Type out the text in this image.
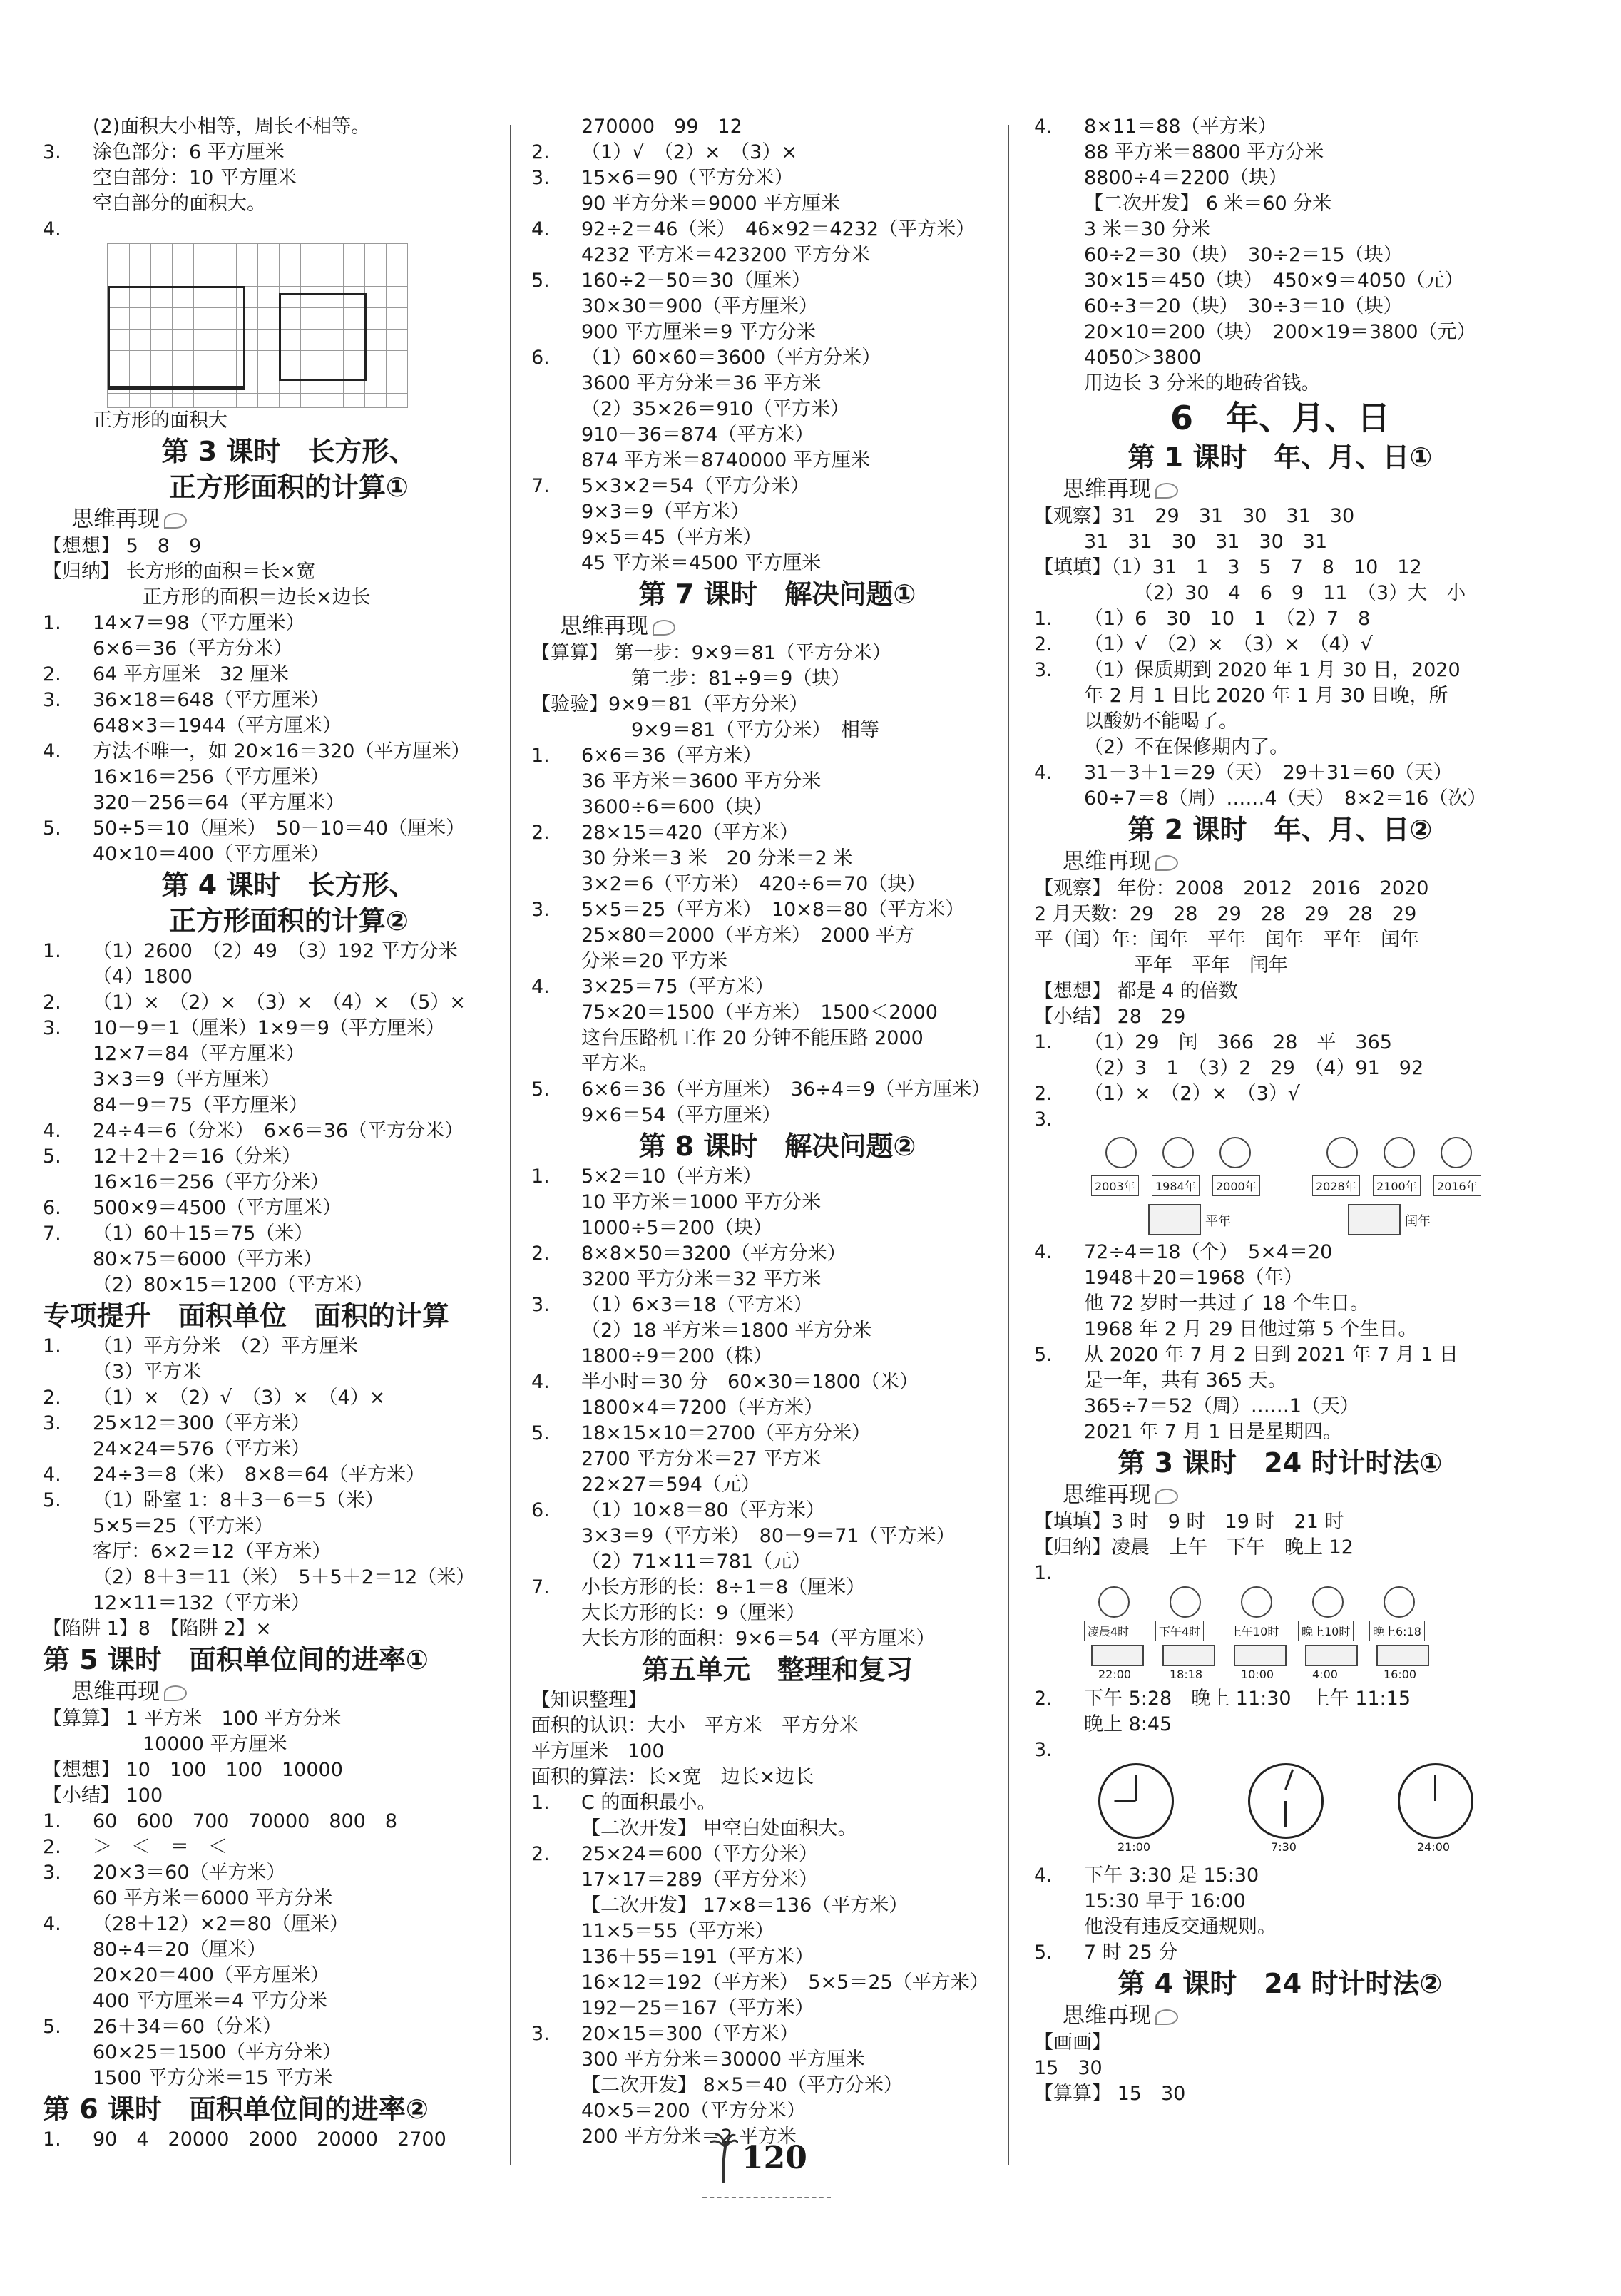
(2)面积大小相等，周长不相等。
3. 涂色部分：6 平方厘米
空白部分：10 平方厘米
空白部分的面积大。
4.
正方形的面积大
第 3 课时　长方形、
正方形面积的计算①
思维再现
【想想】 5　8　9
【归纳】 长方形的面积＝长×宽
正方形的面积＝边长×边长
1. 14×7＝98（平方厘米）
6×6＝36（平方分米）
2. 64 平方厘米　32 厘米
3. 36×18＝648（平方厘米）
648×3＝1944（平方厘米）
4. 方法不唯一，如 20×16＝320（平方厘米）
16×16＝256（平方厘米）
320－256＝64（平方厘米）
5. 50÷5＝10（厘米）　50－10＝40（厘米）
40×10＝400（平方厘米）
第 4 课时　长方形、
正方形面积的计算②
1. （1）2600　（2）49　（3）192 平方分米
（4）1800
2. （1）×　（2）×　（3）×　（4）×　（5）×
3. 10－9＝1（厘米）1×9＝9（平方厘米）
12×7＝84（平方厘米）
3×3＝9（平方厘米）
84－9＝75（平方厘米）
4. 24÷4＝6（分米）　6×6＝36（平方分米）
5. 12＋2＋2＝16（分米）
16×16＝256（平方分米）
6. 500×9＝4500（平方厘米）
7. （1）60＋15＝75（米）
80×75＝6000（平方米）
（2）80×15＝1200（平方米）
专项提升　面积单位　面积的计算
1. （1）平方分米　（2）平方厘米
（3）平方米
2. （1）×　（2）√　（3）×　（4）×
3. 25×12＝300（平方米）
24×24＝576（平方米）
4. 24÷3＝8（米）　8×8＝64（平方米）
5. （1）卧室 1：8＋3－6＝5（米）
5×5＝25（平方米）
客厅：6×2＝12（平方米）
（2）8＋3＝11（米）　5＋5＋2＝12（米）
12×11＝132（平方米）
【陷阱 1】8　【陷阱 2】×
第 5 课时　面积单位间的进率①
思维再现
【算算】 1 平方米　100 平方分米
10000 平方厘米
【想想】 10　100　100　10000
【小结】 100
1. 60　600　700　70000　800　8
2. ＞　＜　＝　＜
3. 20×3＝60（平方米）
60 平方米＝6000 平方分米
4. （28＋12）×2＝80（厘米）
80÷4＝20（厘米）
20×20＝400（平方厘米）
400 平方厘米＝4 平方分米
5. 26＋34＝60（分米）
60×25＝1500（平方分米）
1500 平方分米＝15 平方米
第 6 课时　面积单位间的进率②
1. 90　4　20000　2000　20000　2700
270000　99　12
2. （1）√　（2）×　（3）×
3. 15×6＝90（平方分米）
90 平方分米＝9000 平方厘米
4. 92÷2＝46（米）　46×92＝4232（平方米）
4232 平方米＝423200 平方分米
5. 160÷2－50＝30（厘米）
30×30＝900（平方厘米）
900 平方厘米＝9 平方分米
6. （1）60×60＝3600（平方分米）
3600 平方分米＝36 平方米
（2）35×26＝910（平方米）
910－36＝874（平方米）
874 平方米＝8740000 平方厘米
7. 5×3×2＝54（平方分米）
9×3＝9（平方米）
9×5＝45（平方米）
45 平方米＝4500 平方厘米
第 7 课时　解决问题①
思维再现
【算算】 第一步：9×9＝81（平方分米）
第二步：81÷9＝9（块）
【验验】9×9＝81（平方分米）
9×9＝81（平方分米）　相等
1. 6×6＝36（平方米）
36 平方米＝3600 平方分米
3600÷6＝600（块）
2. 28×15＝420（平方米）
30 分米＝3 米　20 分米＝2 米
3×2＝6（平方米）　420÷6＝70（块）
3. 5×5＝25（平方米）　10×8＝80（平方米）
25×80＝2000（平方米）　2000 平方
分米＝20 平方米
4. 3×25＝75（平方米）
75×20＝1500（平方米）　1500＜2000
这台压路机工作 20 分钟不能压路 2000
平方米。
5. 6×6＝36（平方厘米）　36÷4＝9（平方厘米）
9×6＝54（平方厘米）
第 8 课时　解决问题②
1. 5×2＝10（平方米）
10 平方米＝1000 平方分米
1000÷5＝200（块）
2. 8×8×50＝3200（平方分米）
3200 平方分米＝32 平方米
3. （1）6×3＝18（平方米）
（2）18 平方米＝1800 平方分米
1800÷9＝200（株）
4. 半小时＝30 分　60×30＝1800（米）
1800×4＝7200（平方米）
5. 18×15×10＝2700（平方分米）
2700 平方分米＝27 平方米
22×27＝594（元）
6. （1）10×8＝80（平方米）
3×3＝9（平方米）　80－9＝71（平方米）
（2）71×11＝781（元）
7. 小长方形的长：8÷1＝8（厘米）
大长方形的长：9（厘米）
大长方形的面积：9×6＝54（平方厘米）
第五单元　整理和复习
【知识整理】
面积的认识：大小　平方米　平方分米
平方厘米　100
面积的算法：长×宽　边长×边长
1. C 的面积最小。
【二次开发】 甲空白处面积大。
2. 25×24＝600（平方分米）
17×17＝289（平方分米）
【二次开发】 17×8＝136（平方米）
11×5＝55（平方米）
136＋55＝191（平方米）
16×12＝192（平方米）　5×5＝25（平方米）
192－25＝167（平方米）
3. 20×15＝300（平方米）
300 平方分米＝30000 平方厘米
【二次开发】 8×5＝40（平方分米）
40×5＝200（平方分米）
200 平方分米＝2 平方米
4. 8×11＝88（平方米）
88 平方米＝8800 平方分米
8800÷4＝2200（块）
【二次开发】 6 米＝60 分米
3 米＝30 分米
60÷2＝30（块）　30÷2＝15（块）
30×15＝450（块）　450×9＝4050（元）
60÷3＝20（块）　30÷3＝10（块）
20×10＝200（块）　200×19＝3800（元）
4050＞3800
用边长 3 分米的地砖省钱。
6　年、月、日
第 1 课时　年、月、日①
思维再现
【观察】31　29　31　30　31　30
31　31　30　31　30　31
【填填】（1）31　1　3　5　7　8　10　12
（2）30　4　6　9　11　（3）大　小
1. （1）6　30　10　1　（2）7　8
2. （1）√　（2）×　（3）×　（4）√
3. （1）保质期到 2020 年 1 月 30 日，2020
年 2 月 1 日比 2020 年 1 月 30 日晚，所
以酸奶不能喝了。
（2）不在保修期内了。
4. 31－3＋1＝29（天）　29＋31＝60（天）
60÷7＝8（周）……4（天）　8×2＝16（次）
第 2 课时　年、月、日②
思维再现
【观察】 年份：2008　2012　2016　2020
2 月天数：29　28　29　28　29　28　29
平（闰）年：闰年　平年　闰年　平年　闰年
平年　平年　闰年
【想想】 都是 4 的倍数
【小结】 28　29
1. （1）29　闰　366　28　平　365
（2）3　1　（3）2　29　（4）91　92
2. （1）×　（2）×　（3）√
3.
2003年	1984年	2000年	2028年	2100年	2016年
平年	闰年
4. 72÷4＝18（个）　5×4＝20
1948＋20＝1968（年）
他 72 岁时一共过了 18 个生日。
1968 年 2 月 29 日他过第 5 个生日。
5. 从 2020 年 7 月 2 日到 2021 年 7 月 1 日
是一年，共有 365 天。
365÷7＝52（周）……1（天）
2021 年 7 月 1 日是星期四。
第 3 课时　24 时计时法①
思维再现
【填填】3 时　9 时　19 时　21 时
【归纳】凌晨　上午　下午　晚上 12
1.
凌晨4时	下午4时	上午10时	晚上10时	晚上6:18
22:00	18:18	10:00	4:00	16:00
2. 下午 5:28　晚上 11:30　上午 11:15
晚上 8:45
3.
21:00	7:30	24:00
4. 下午 3:30 是 15:30
15:30 早于 16:00
他没有违反交通规则。
5. 7 时 25 分
第 4 课时　24 时计时法②
思维再现
【画画】
15　30
【算算】 15　30
120
